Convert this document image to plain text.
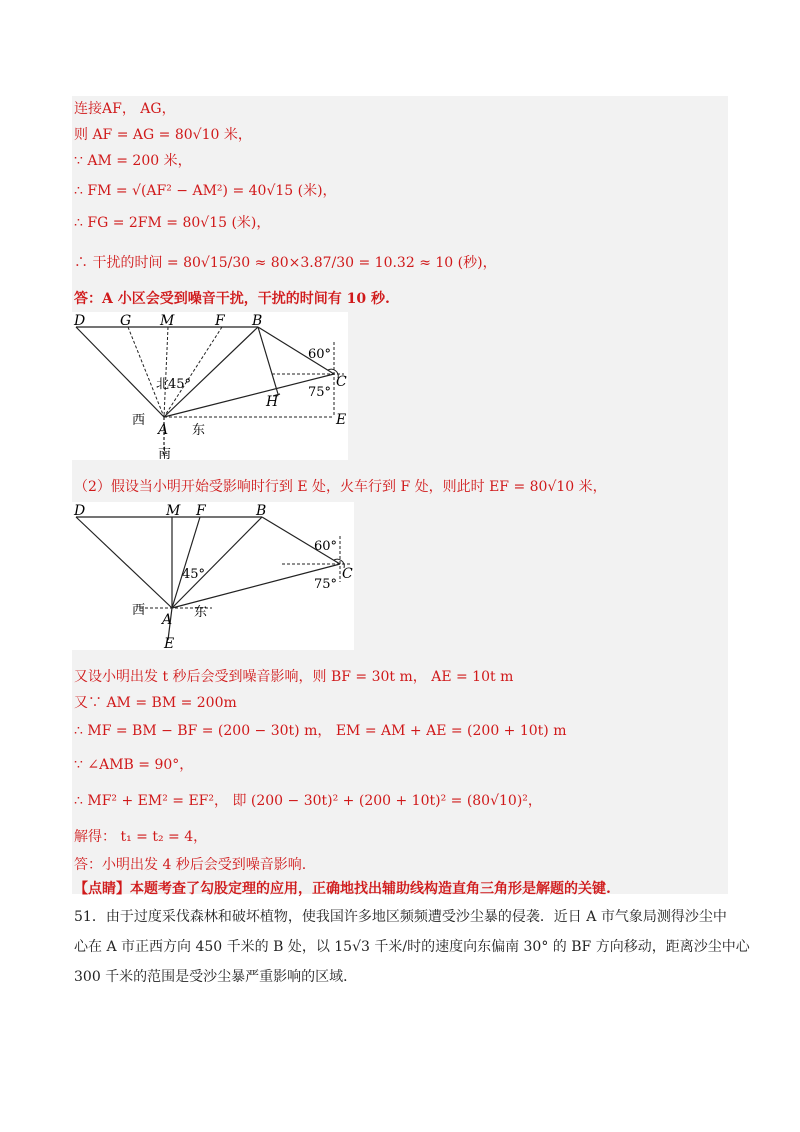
连接AF， AG，
则 AF = AG = 80√10 米，
∵ AM = 200 米，
∴ FM = √(AF² − AM²) = 40√15 (米)，
∴ FG = 2FM = 80√15 (米)，
∴ 干扰的时间 = 80√15/30 ≈ 80×3.87/30 = 10.32 ≈ 10 (秒)，
答：A 小区会受到噪音干扰，干扰的时间有 10 秒.
D G M	F B
60°
C
75°
H
北
45°
西
A 东
E
南
（2）假设当小明开始受影响时行到 E 处，火车行到 F 处，则此时 EF = 80√10 米，
D	M F	B
60°
C
75°
45°
西	东
A
E
又设小明出发 t 秒后会受到噪音影响，则 BF = 30t m， AE = 10t m
又∵ AM = BM = 200m
∴ MF = BM − BF = (200 − 30t) m， EM = AM + AE = (200 + 10t) m
∵ ∠AMB = 90°，
∴ MF² + EM² = EF²， 即 (200 − 30t)² + (200 + 10t)² = (80√10)²，
解得： t₁ = t₂ = 4，
答：小明出发 4 秒后会受到噪音影响.
【点睛】本题考查了勾股定理的应用，正确地找出辅助线构造直角三角形是解题的关键.
51．由于过度采伐森林和破坏植物，使我国许多地区频频遭受沙尘暴的侵袭．近日 A 市气象局测得沙尘中
心在 A 市正西方向 450 千米的 B 处，以 15√3 千米/时的速度向东偏南 30° 的 BF 方向移动，距离沙尘中心
300 千米的范围是受沙尘暴严重影响的区域．
